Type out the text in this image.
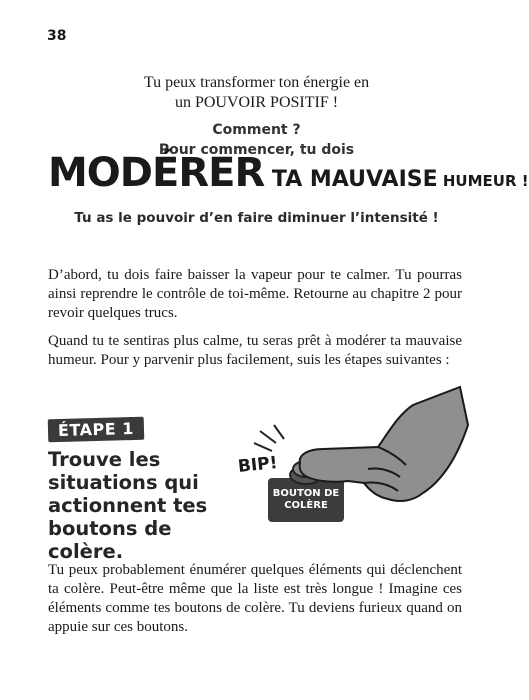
38
Tu peux transformer ton énergie en
un POUVOIR POSITIF !
Comment ?
Pour commencer, tu dois
MODÉRER TA MAUVAISE HUMEUR !
Tu as le pouvoir d’en faire diminuer l’intensité !
D’abord, tu dois faire baisser la vapeur pour te calmer. Tu pourras ainsi reprendre le contrôle de toi-même. Retourne au chapitre 2 pour revoir quelques trucs.
Quand tu te sentiras plus calme, tu seras prêt à modérer ta mauvaise humeur. Pour y parvenir plus facilement, suis les étapes suivantes :
ÉTAPE 1
Trouve les situations qui actionnent tes boutons de colère.
BIP!
BOUTON DE
COLÈRE
Tu peux probablement énumérer quelques éléments qui déclenchent ta colère. Peut-être même que la liste est très longue ! Imagine ces éléments comme tes boutons de colère. Tu deviens furieux quand on appuie sur ces boutons.
